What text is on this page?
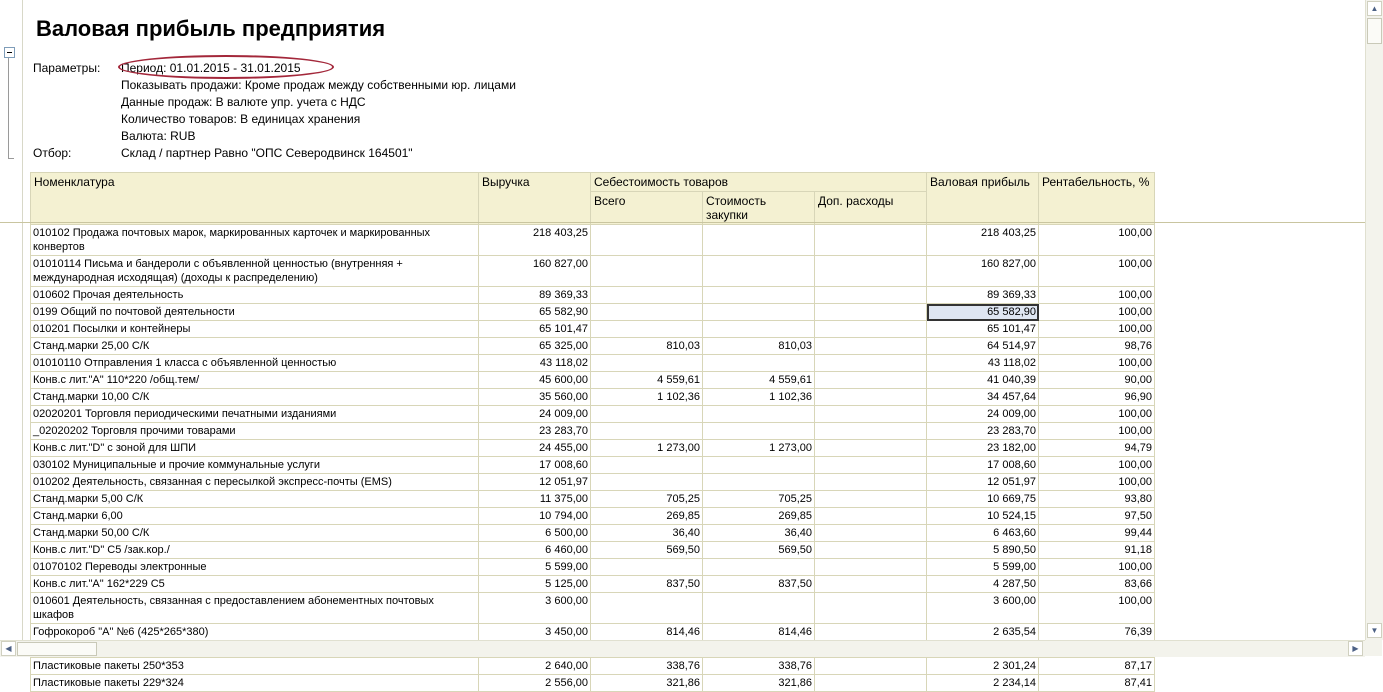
Валовая прибыль предприятия
Параметры: Период: 01.01.2015 - 31.01.2015
Показывать продажи: Кроме продаж между собственными юр. лицами
Данные продаж: В валюте упр. учета с НДС
Количество товаров: В единицах хранения
Валюта: RUB
Отбор:	Склад / партнер Равно "ОПС Северодвинск 164501"
Номенклатура	Выручка	Себестоимость товаров			Валовая прибыль	Рентабельность, %
		Всего	Стоимость закупки	Доп. расходы		
010102 Продажа почтовых марок, маркированных карточек и маркированных конвертов	218 403,25				218 403,25	100,00
01010114 Письма и бандероли с объявленной ценностью (внутренняя + международная исходящая) (доходы к распределению)	160 827,00				160 827,00	100,00
010602 Прочая деятельность	89 369,33				89 369,33	100,00
0199 Общий по почтовой деятельности	65 582,90				65 582,90	100,00
010201 Посылки и контейнеры	65 101,47				65 101,47	100,00
Станд.марки 25,00 С/К	65 325,00	810,03	810,03		64 514,97	98,76
01010110 Отправления 1 класса с объявленной ценностью	43 118,02				43 118,02	100,00
Конв.с лит."А" 110*220 /общ.тем/	45 600,00	4 559,61	4 559,61		41 040,39	90,00
Станд.марки 10,00 С/К	35 560,00	1 102,36	1 102,36		34 457,64	96,90
02020201 Торговля периодическими печатными изданиями	24 009,00				24 009,00	100,00
_02020202 Торговля прочими товарами	23 283,70				23 283,70	100,00
Конв.с лит."D" с зоной для ШПИ	24 455,00	1 273,00	1 273,00		23 182,00	94,79
030102 Муниципальные и прочие коммунальные услуги	17 008,60				17 008,60	100,00
010202 Деятельность, связанная с пересылкой экспресс-почты (EMS)	12 051,97				12 051,97	100,00
Станд.марки 5,00 С/К	11 375,00	705,25	705,25		10 669,75	93,80
Станд.марки 6,00	10 794,00	269,85	269,85		10 524,15	97,50
Станд.марки 50,00 С/К	6 500,00	36,40	36,40		6 463,60	99,44
Конв.с лит."D" С5 /зак.кор./	6 460,00	569,50	569,50		5 890,50	91,18
01070102 Переводы электронные	5 599,00				5 599,00	100,00
Конв.с лит."А" 162*229 С5	5 125,00	837,50	837,50		4 287,50	83,66
010601 Деятельность, связанная с предоставлением абонементных почтовых шкафов	3 600,00				3 600,00	100,00
Гофрокороб "А" №6 (425*265*380)	3 450,00	814,46	814,46		2 635,54	76,39

Пластиковые пакеты 250*353	2 640,00	338,76	338,76		2 301,24	87,17
Пластиковые пакеты 229*324	2 556,00	321,86	321,86		2 234,14	87,41
▲
▼
◀	▶
